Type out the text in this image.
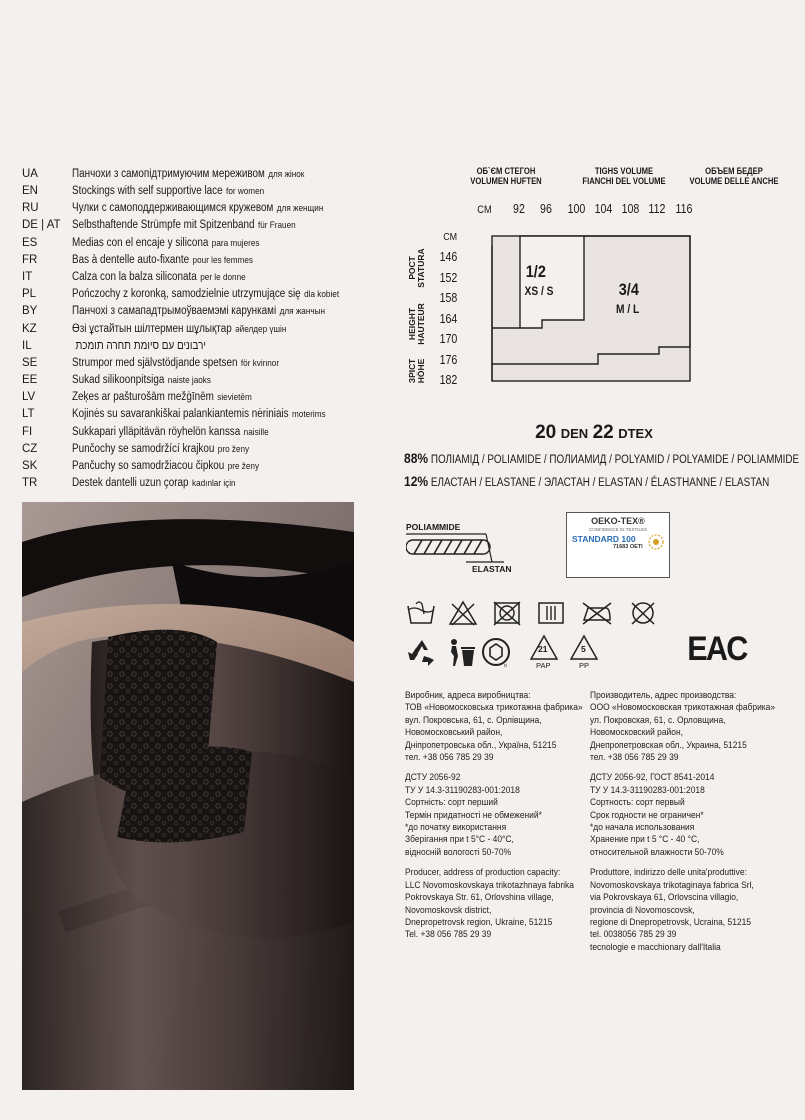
UA	Панчохи з самопідтримуючим мереживом для жінок
EN	Stockings with self supportive lace for women
RU	Чулки с самоподдерживающимся кружевом для женщин
DE | AT Selbsthaftende Strümpfe mit Spitzenband für Frauen
ES	Medias con el encaje y silicona para mujeres
FR	Bas à dentelle auto-fixante pour les femmes
IT	Calza con la balza siliconata per le donne
PL	Pończochy z koronką, samodzielnie utrzymujące się dla kobiet
BY	Панчохі з самападтрымоўваемэмі карункамі для жанчын
KZ	Өзі ұстайтын шілтермен шұлықтар әйелдер үшін
IL	ירבונים עם סיומת תחרה תומכת
SE	Strumpor med självstödjande spetsen för kvinnor
EE	Sukad silikoonpitsiga naiste jaoks
LV	Zeķes ar pašturošām mežģīnēm sievietēm
LT	Kojinės su savarankiškai palankiantemis nėriniais moterims
FI	Sukkapari ylläpitävän röyhelön kanssa naisille
CZ	Punčochy se samodržící krajkou pro ženy
SK	Pančuchy so samodržiacou čipkou pre ženy
TR	Destek dantelli uzun çorap kadınlar için
ОБ`ЄМ СТЕГОН
VOLUMEN HUFTEN
TIGHS VOLUME
FIANCHI DEL VOLUME
ОБЪЕМ БЕДЕР
VOLUME DELLE ANCHE
CM 92 96 100 104 108 112 116
CM
146
152
158
164
170
176
182
РОСТ
STATURA
HEIGHT
HAUTEUR
ЗРІСТ
HÖHE
1/2
XS / S	3/4
M / L
20 DEN 22 DTEX
88% ПОЛІАМІД / POLIAMIDE / ПОЛИАМИД / POLYAMID / POLYAMIDE / POLIAMMIDE
12% ЕЛАСТАН / ELASTANE / ЭЛАСТАН / ELASTAN / ÉLASTHANNE / ELASTAN
POLIAMMIDE
ELASTAN
OEKO-TEX®
CONFIDENCE IN TEXTILES
STANDARD 100
71683 OETI
o
21
PAP
5
PP	EAC
Виробник, адреса виробництва:
ТОВ «Новомосковська трикотажна фабрика»
вул. Покровська, 61, с. Орлівщина,
Новомосковський район,
Дніпропетровська обл., Україна, 51215
тел. +38 056 785 29 39
ДСТУ 2056-92
ТУ У 14.3-31190283-001:2018
Сортність: сорт перший
Термін придатності не обмежений*
*до початку використання
Зберігання при t 5°C - 40°C,
відносній вологості 50-70%
Producer, address of production capacity:
LLC Novomoskovskaya trikotazhnaya fabrika
Pokrovskaya Str. 61, Orlovshina village,
Novomoskovsk district,
Dnepropetrovsk region, Ukraine, 51215
Tel. +38 056 785 29 39
Производитель, адрес производства:
ООО «Новомосковская трикотажная фабрика»
ул. Покровская, 61, с. Орловщина,
Новомосковский район,
Днепропетровская обл., Украина, 51215
тел. +38 056 785 29 39
ДСТУ 2056-92, ГОСТ 8541-2014
ТУ У 14.3-31190283-001:2018
Сортность: сорт первый
Срок годности не ограничен*
*до начала использования
Хранение при t 5 °C - 40 °C,
относительной влажности 50-70%
Produttore, indirizzo delle unita'produttive:
Novomoskovskaya trikotaginaya fabrica Srl,
via Pokrovskaya 61, Orlovscina villagio,
provincia di Novomoscovsk,
regione di Dnepropetrovsk, Ucraina, 51215
tel. 0038056 785 29 39
tecnologie e macchionary dall'Italia
